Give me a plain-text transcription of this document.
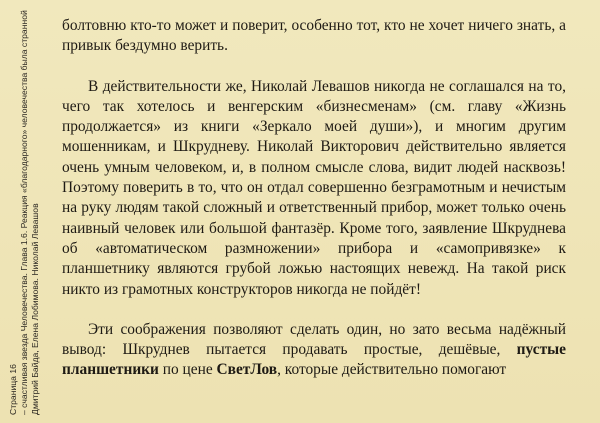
Страница 16 – счастливая звезда Человечества. Глава 1.6. Реакция «благодарного» человечества была странной Дмитрий Байда, Елена Лобимова. Николай Левашов

болтовню кто-то может и поверит, особенно тот, кто не хочет ничего знать, а привык бездумно верить.

В действительности же, Николай Левашов никогда не соглашался на то, чего так хотелось и венгерским «бизнесменам» (см. главу «Жизнь продолжается» из книги «Зеркало моей души»), и многим другим мошенникам, и Шкрудневу. Николай Викторович действительно является очень умным человеком, и, в полном смысле слова, видит людей насквозь! Поэтому поверить в то, что он отдал совершенно безграмотным и нечистым на руку людям такой сложный и ответственный прибор, может только очень наивный человек или большой фантазёр. Кроме того, заявление Шкруднева об «автоматическом размножении» прибора и «самопривязке» к планшетнику являются грубой ложью настоящих невежд. На такой риск никто из грамотных конструкторов никогда не пойдёт!

Эти соображения позволяют сделать один, но зато весьма надёжный вывод: Шкруднев пытается продавать простые, дешёвые, пустые планшетники по цене СветЛов, которые действительно помогают
